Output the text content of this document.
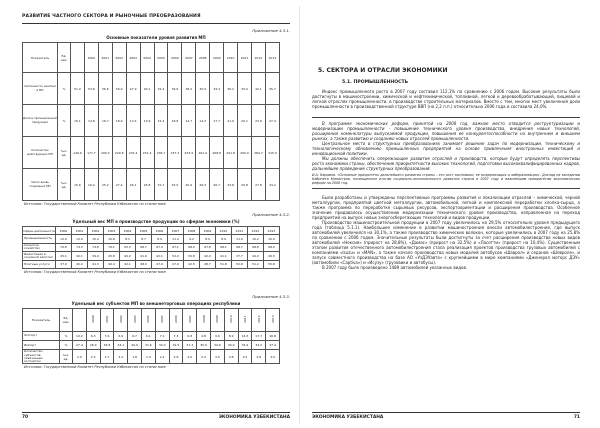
РАЗВИТИЕ ЧАСТНОГО СЕКТОРА И РЫНОЧНЫЕ ПРЕОБРАЗОВАНИЯ
Приложение 4.3.1.
Основные показатели уровня развития МП
Показатель	Ед. изм.		2000	2001	2002	2003	2004	2005	2006	2007	2008	2009	2010	2011	2012	2013
Численность занятых в МП	%	51.0	53.6	56.6	59.0	27.9	29.1	32.4	39.6	38.2	30.9	34.3	36.2	39.0	42.1	45.7
Доля в промышленной продукции	%	15.1	14.8	16.7	18.9	13.4	13.9	15.4	18.8	14.7	14.3	17.7	21.9	20.1	23.9	27.4
Количество действующих МП	тыс. ед.	149.6	177.7	206.3	229.8	232.4	231.4	236.7	237.3	253.9	261.0	268.8	261.8	250.0	284.7	315.0
Число вновь созданных МП	тыс. ед.	15.6	16.4	25.2	27.4	26.1	25.8	31.7	25.0	20.9	26.3	26.7	23.8	26.8	27.8	34.2
Источник: Государственный Комитет Республики Узбекистан по статистике
Приложение 4.3.2.
Удельный вес МП в производстве продукции по сферам экономики (%)
Сферы деятельности	2000	2001	2002	2003	2004	2005	2006	2007	2008	2009	2010	2011	2012	2013
Промышленность	12.9	12.9	15.4	10.8	8.1	8.7	8.9	11.4	9.2	8.0	8.9	11.9	10.2	10.9
Сельское хозяйство	70.8	74.3	74.8	76.1	95.3	98.7	97.4	97.1	98.0	97.8	98.1	98.7	98.8	98.9
Инвестиции в основной капитал	25.1	40.1	39.4	45.8	40.2	41.9	42.1	52.2	50.8	42.2	41.1	37.7	44.2	46.5
Платные услуги	37.9	40.0	41.3	46.4	42.1	48.0	47.9	47.9	42.5	48.7	51.8	52.8	51.2	55.8
Источник: Государственный Комитет Республики Узбекистан по статистике
Приложение 4.3.3.
Удельный вес субъектов МП во внешнеторговых операциях республики
Показатель	Ед. изм.		2000	2001	2002	2003	2004	2005	2006	2007	2008	2009	2010	2011	2012	2013
Экспорт	%	10.2	6.3	7.6	6.9	6.7	6.1	7.1	7.3	6.8	4.8	9.6	8.9	14.3	17.7	16.8
Импорт	%	27.4	26.9	34.8	33.1	29.0	31.6	32.0	31.5	31.3	35.0	34.9	34.0	32.9	34.2	37.4
Количество субъектов, охваченных экспортом	тыс. ед.	2.0	2.3	2.7	3.2	1.8	1.9	2.2	2.6	2.0	2.4	3.0	3.8	2.5	2.8	3.0
Источник: Государственный Комитет Республики Узбекистан по статистике
70	ЭКОНОМИКА УЗБЕКИСТАНА

5. СЕКТОРА И ОТРАСЛИ ЭКОНОМИКИ
5.1. ПРОМЫШЛЕННОСТЬ

Индекс промышленного роста в 2007 году составил 112,1% по сравнению с 2006 годом. Высокие результаты были достигнуты в машиностроении, химической и нефтехимической, топливной, легкой и деревообрабатывающей, пищевой и легкой отраслях промышленности, в производстве строительных материалов. Вместе с тем, многих мест увеличения доли промышленности в производственной структуре ВВП (на 2,2 п.п.) относительно 2006 года и составила 24,0%.

В программе экономических реформ, принятой на 2008 год, важное место отводится реструктуризации и модернизации промышленности - повышение технического уровня производства, внедрения новых технологий, расширения номенклатуры выпускаемой продукции, повышения ее конкурентоспособности на внутреннем и внешнем рынках, а также развитию и созданию новых отраслей промышленности.

Центральное место в структурных преобразованиях занимает решение задач по модернизации, техническому и технологическому обновлению промышленных предприятий на основе привлечения иностранных инвестиций и инновационной политики.

Мы должны обеспечить опережающее развитие отраслей и производств, которые будут определять перспективы роста экономики страны, обеспечение приоритетности высоких технологий, подготовки высококвалифицированных кадров, дальнейшее проведение структурных преобразований.

И.А. Каримов. «Основные приоритеты дальнейшего развития страны – это рост экономики, ее модернизация и либерализация». Доклад на заседании Кабинета Министров, посвященном итогам социально-экономического развития страны в 2007 году и важнейшим приоритетам экономических реформ на 2008 год.

Были разработаны и утверждены перспективные программы развития и локализации отраслей – химической, черной металлургии, предприятий цветной металлургии, автомобильной, легкой и комплексной переработки хлопка-сырца, а также программа по переработке сырьевых ресурсов, экспортоориентации и расширения производства. Особенное значение придавалось осуществлению модернизации технического уровня производства, направленная на переход предприятий на выпуск новых энергосберегающих технологий и видов продукции.

Производство машиностроительной продукции в 2007 году увеличилось на 29,5% относительно уровня предыдущего года (таблица 5.1.1). Наибольшее изменение в развитии машиностроения внесли автомобилестроение, где выпуск автомобилей увеличился на 30,1%, а также производство химических волокон, которые увеличились в 2007 году на 25,8% по сравнению с 2006 годом. Значительные результаты были достигнуты за счет расширения производства новых видов автомобилей «Нексия» (прирост на 28,8%), «Дамас» (прирост на 32,5%) и «Ласетти» (прирост на 10,4%). Существенным этапом развития отечественного автомобилестроения стала реализация проектов производства грузовых автомобилей с компаниями «Isuzu» и «MAN», а также начало производства новых моделей автобусов «Шаврол» и седанов «Шевроле», и запуск совместного производства на базе АО «УзДЭУавто» с крупнейшими в мире компаниями «Дженерал моторс ДЭУ» (автомобили «Captiva») и «Исузу» (грузовики и автобусы).

В 2007 году было произведено 1489 автомобилей указанных видов.

ЭКОНОМИКА УЗБЕКИСТАНА	71
